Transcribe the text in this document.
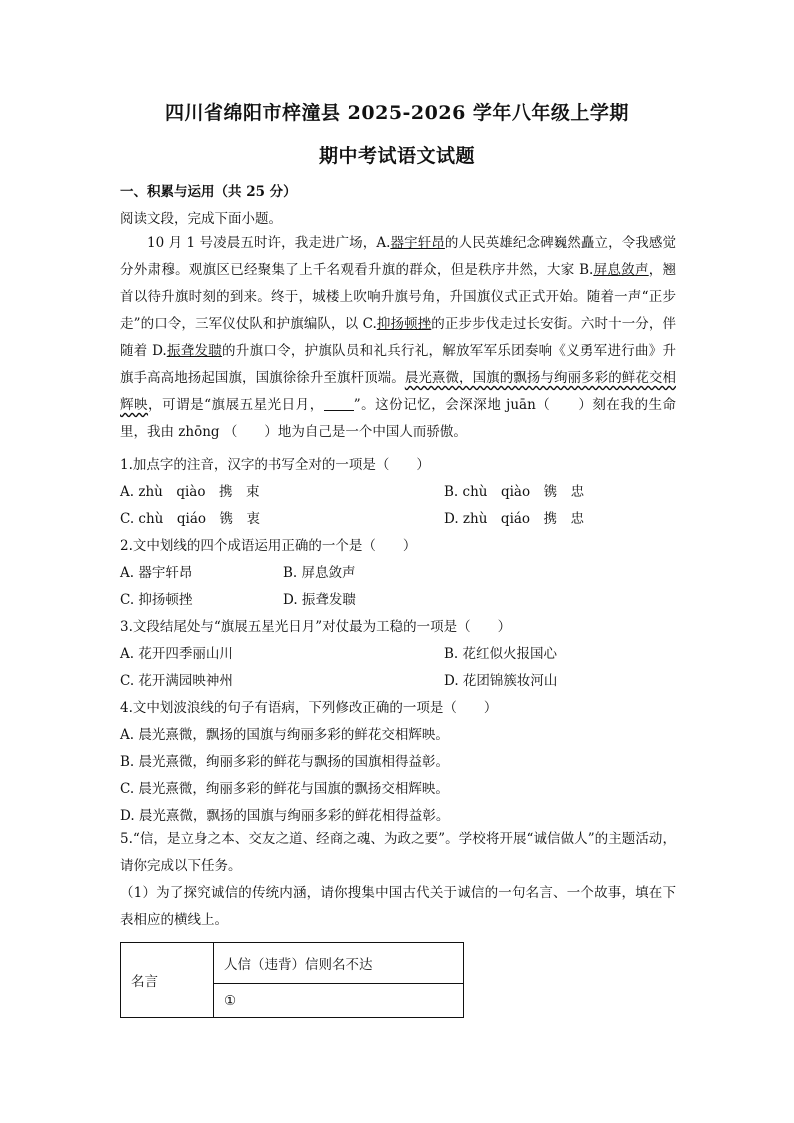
四川省绵阳市梓潼县 2025-2026 学年八年级上学期
期中考试语文试题
一、积累与运用（共 25 分）
阅读文段，完成下面小题。

10 月 1 号凌晨五时许，我走进广场，A.器宇轩昂的人民英雄纪念碑巍然矗立，令我感觉分外肃穆。观旗区已经聚集了上千名观看升旗的群众，但是秩序井然，大家 B.屏息敛声，翘首以待升旗时刻的到来。终于，城楼上吹响升旗号角，升国旗仪式正式开始。随着一声“正步走”的口令，三军仪仗队和护旗编队，以 C.抑扬顿挫的正步步伐走过长安街。六时十一分，伴随着 D.振聋发聩的升旗口令，护旗队员和礼兵行礼，解放军军乐团奏响《义勇军进行曲》升旗手高高地扬起国旗，国旗徐徐升至旗杆顶端。晨光熹微，国旗的飘扬与绚丽多彩的鲜花交相辉映，可谓是“旗展五星光日月， ”。这份记忆，会深深地 juān（　　）刻在我的生命里，我由 zhōng （　　）地为自己是一个中国人而骄傲。

1.加点字的注音，汉字的书写全对的一项是（　　）
A. zhù　qiào　携　束	B. chù　qiào　镌　忠
C. chù　qiáo　镌　衷	D. zhù　qiáo　携　忠
2.文中划线的四个成语运用正确的一个是（　　）
A. 器宇轩昂	B. 屏息敛声
C. 抑扬顿挫	D. 振聋发聩
3.文段结尾处与“旗展五星光日月”对仗最为工稳的一项是（　　）
A. 花开四季丽山川	B. 花红似火报国心
C. 花开满园映神州	D. 花团锦簇妆河山
4.文中划波浪线的句子有语病，下列修改正确的一项是（　　）
A. 晨光熹微，飘扬的国旗与绚丽多彩的鲜花交相辉映。
B. 晨光熹微，绚丽多彩的鲜花与飘扬的国旗相得益彰。
C. 晨光熹微，绚丽多彩的鲜花与国旗的飘扬交相辉映。
D. 晨光熹微，飘扬的国旗与绚丽多彩的鲜花相得益彰。
5.“信，是立身之本、交友之道、经商之魂、为政之要”。学校将开展“诚信做人”的主题活动，请你完成以下任务。
（1）为了探究诚信的传统内涵，请你搜集中国古代关于诚信的一句名言、一个故事，填在下表相应的横线上。
名言	人信（违背）信则名不达
①
